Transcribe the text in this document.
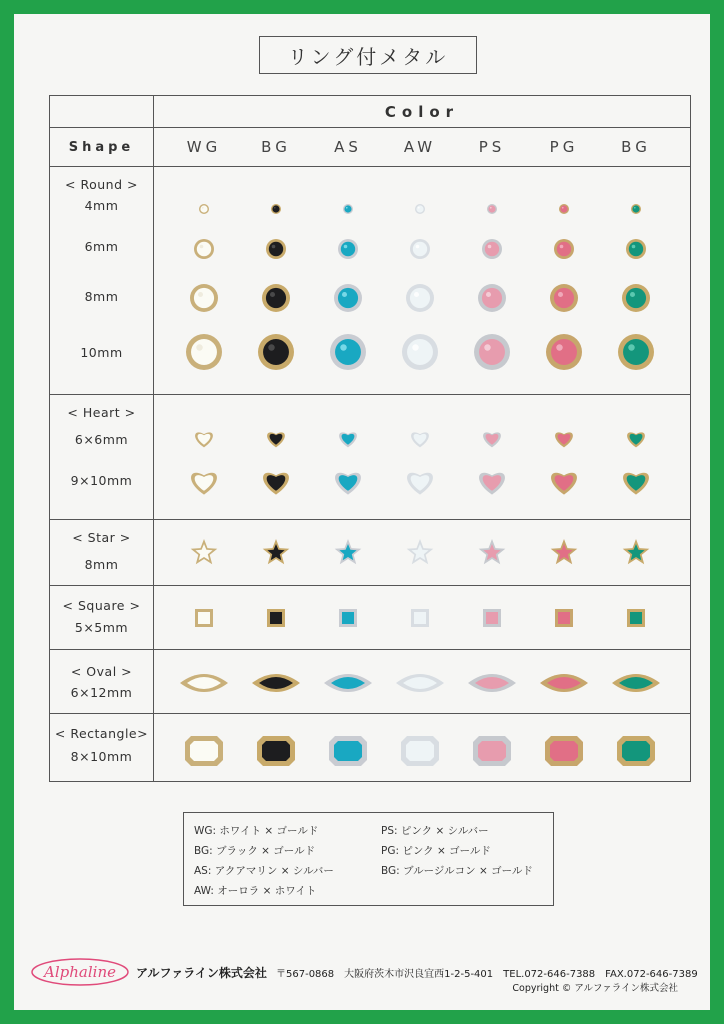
リング付メタル
Color
Shape	WG	BG	AS	AW	PS	PG	BG
< Round >
4mm
6mm
8mm
10mm
< Heart >
6×6mm
9×10mm
< Star >
8mm
< Square >
5×5mm
< Oval >
6×12mm
< Rectangle>
8×10mm
WG: ホワイト × ゴールド
BG: ブラック × ゴールド
AS: アクアマリン × シルバー
AW: オーロラ × ホワイト
PS: ピンク × シルバー
PG: ピンク × ゴールド
BG: ブルージルコン × ゴールド
Alphaline アルファライン株式会社 〒567-0868　大阪府茨木市沢良宜西1-2-5-401　TEL.072-646-7388　FAX.072-646-7389
Copyright © アルファライン株式会社
